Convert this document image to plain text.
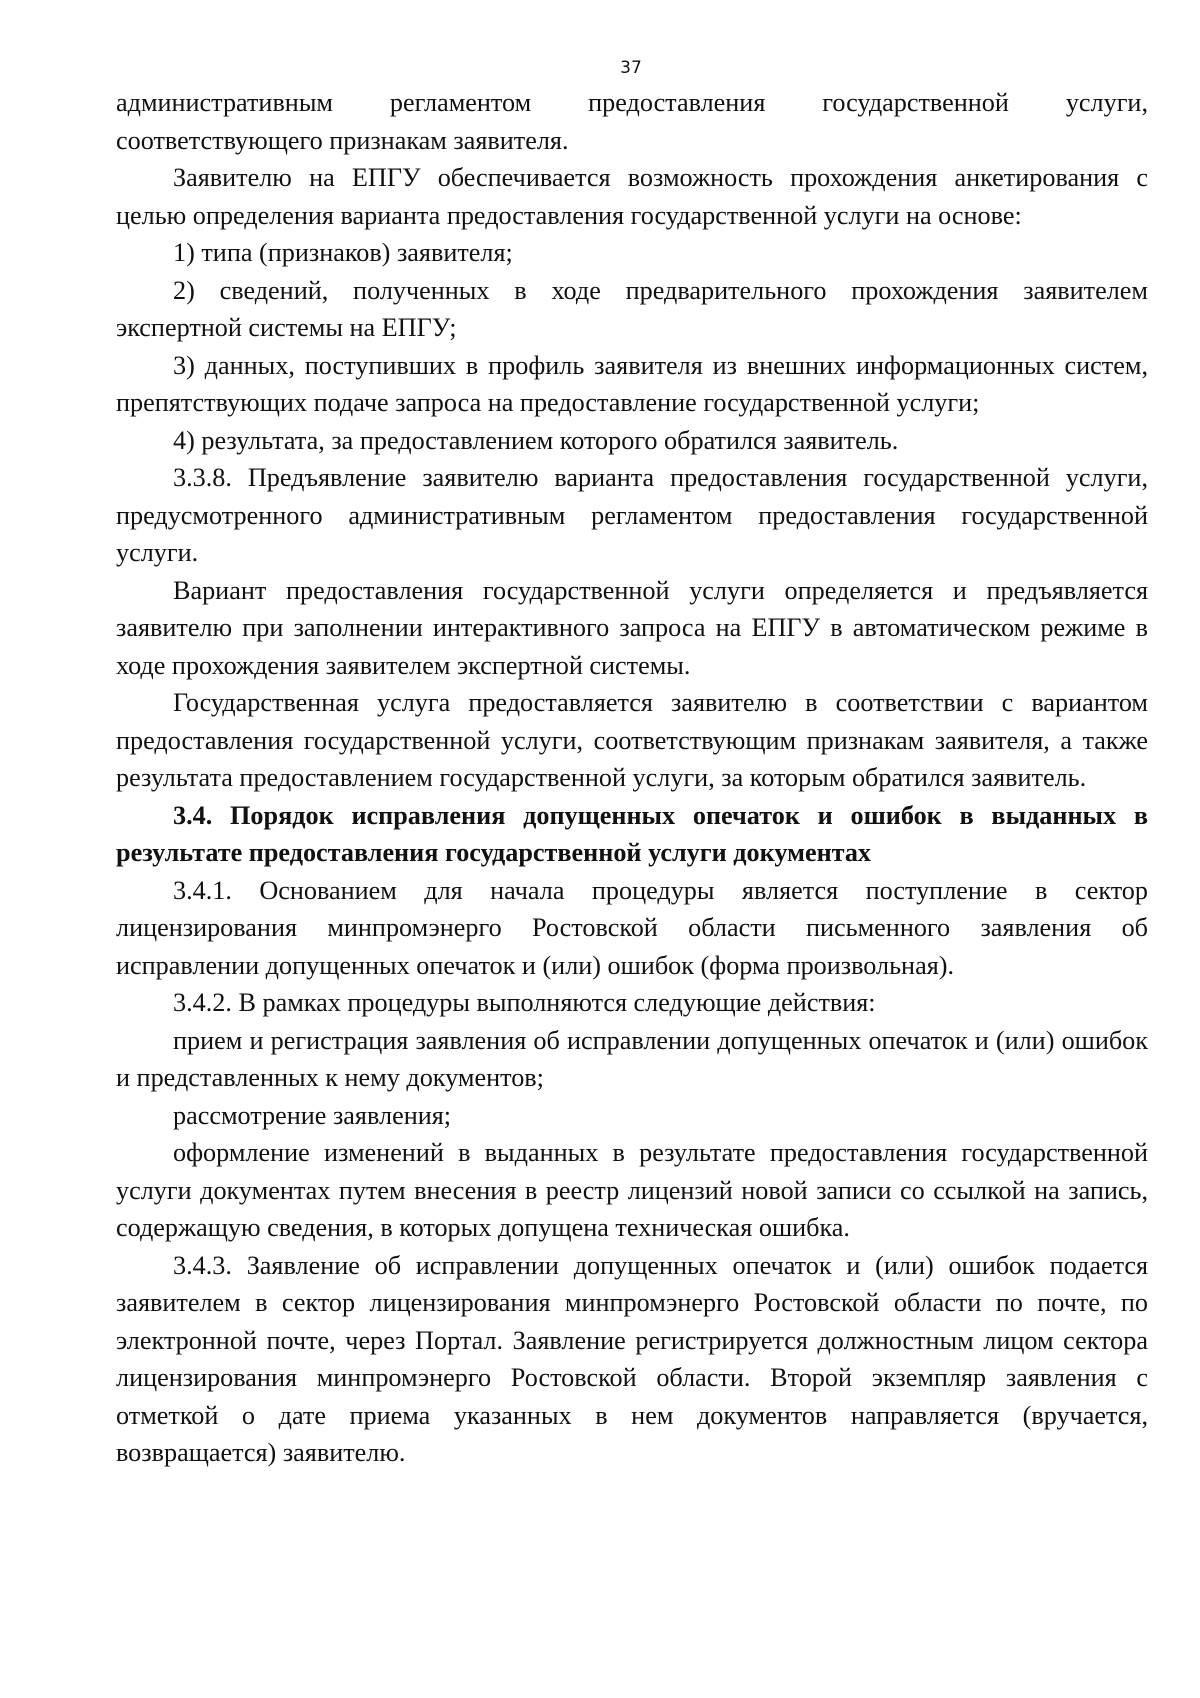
37

административным регламентом предоставления государственной услуги, соответствующего признакам заявителя.

Заявителю на ЕПГУ обеспечивается возможность прохождения анкетирования с целью определения варианта предоставления государственной услуги на основе:

1) типа (признаков) заявителя;

2) сведений, полученных в ходе предварительного прохождения заявителем экспертной системы на ЕПГУ;

3) данных, поступивших в профиль заявителя из внешних информационных систем, препятствующих подаче запроса на предоставление государственной услуги;

4) результата, за предоставлением которого обратился заявитель.

3.3.8. Предъявление заявителю варианта предоставления государственной услуги, предусмотренного административным регламентом предоставления государственной услуги.

Вариант предоставления государственной услуги определяется и предъявляется заявителю при заполнении интерактивного запроса на ЕПГУ в автоматическом режиме в ходе прохождения заявителем экспертной системы.

Государственная услуга предоставляется заявителю в соответствии с вариантом предоставления государственной услуги, соответствующим признакам заявителя, а также результата предоставлением государственной услуги, за которым обратился заявитель.

3.4. Порядок исправления допущенных опечаток и ошибок в выданных в результате предоставления государственной услуги документах

3.4.1. Основанием для начала процедуры является поступление в сектор лицензирования минпромэнерго Ростовской области письменного заявления об исправлении допущенных опечаток и (или) ошибок (форма произвольная).

3.4.2. В рамках процедуры выполняются следующие действия:

прием и регистрация заявления об исправлении допущенных опечаток и (или) ошибок и представленных к нему документов;

рассмотрение заявления;

оформление изменений в выданных в результате предоставления государственной услуги документах путем внесения в реестр лицензий новой записи со ссылкой на запись, содержащую сведения, в которых допущена техническая ошибка.

3.4.3. Заявление об исправлении допущенных опечаток и (или) ошибок подается заявителем в сектор лицензирования минпромэнерго Ростовской области по почте, по электронной почте, через Портал. Заявление регистрируется должностным лицом сектора лицензирования минпромэнерго Ростовской области. Второй экземпляр заявления с отметкой о дате приема указанных в нем документов направляется (вручается, возвращается) заявителю.
